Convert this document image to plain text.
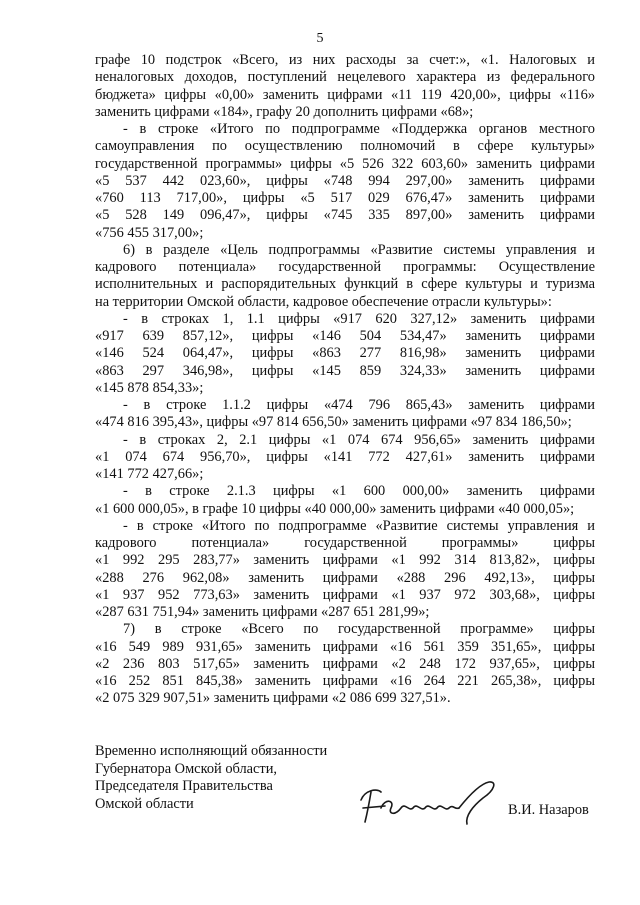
5
графе 10 подстрок «Всего, из них расходы за счет:», «1. Налоговых и
неналоговых доходов, поступлений нецелевого характера из федерального
бюджета» цифры «0,00» заменить цифрами «11 119 420,00», цифры «116»
заменить цифрами «184», графу 20 дополнить цифрами «68»;
- в строке «Итого по подпрограмме «Поддержка органов местного
самоуправления по осуществлению полномочий в сфере культуры»
государственной программы» цифры «5 526 322 603,60» заменить цифрами
«5 537 442 023,60», цифры «748 994 297,00» заменить цифрами
«760 113 717,00», цифры «5 517 029 676,47» заменить цифрами
«5 528 149 096,47», цифры «745 335 897,00» заменить цифрами
«756 455 317,00»;
6) в разделе «Цель подпрограммы «Развитие системы управления и
кадрового потенциала» государственной программы: Осуществление
исполнительных и распорядительных функций в сфере культуры и туризма
на территории Омской области, кадровое обеспечение отрасли культуры»:
- в строках 1, 1.1 цифры «917 620 327,12» заменить цифрами
«917 639 857,12», цифры «146 504 534,47» заменить цифрами
«146 524 064,47», цифры «863 277 816,98» заменить цифрами
«863 297 346,98», цифры «145 859 324,33» заменить цифрами
«145 878 854,33»;
- в строке 1.1.2 цифры «474 796 865,43» заменить цифрами
«474 816 395,43», цифры «97 814 656,50» заменить цифрами «97 834 186,50»;
- в строках 2, 2.1 цифры «1 074 674 956,65» заменить цифрами
«1 074 674 956,70», цифры «141 772 427,61» заменить цифрами
«141 772 427,66»;
- в строке 2.1.3 цифры «1 600 000,00» заменить цифрами
«1 600 000,05», в графе 10 цифры «40 000,00» заменить цифрами «40 000,05»;
- в строке «Итого по подпрограмме «Развитие системы управления и
кадрового потенциала» государственной программы» цифры
«1 992 295 283,77» заменить цифрами «1 992 314 813,82», цифры
«288 276 962,08» заменить цифрами «288 296 492,13», цифры
«1 937 952 773,63» заменить цифрами «1 937 972 303,68», цифры
«287 631 751,94» заменить цифрами «287 651 281,99»;
7) в строке «Всего по государственной программе» цифры
«16 549 989 931,65» заменить цифрами «16 561 359 351,65», цифры
«2 236 803 517,65» заменить цифрами «2 248 172 937,65», цифры
«16 252 851 845,38» заменить цифрами «16 264 221 265,38», цифры
«2 075 329 907,51» заменить цифрами «2 086 699 327,51».
Временно исполняющий обязанности
Губернатора Омской области,
Председателя Правительства
Омской области	В.И. Назаров
